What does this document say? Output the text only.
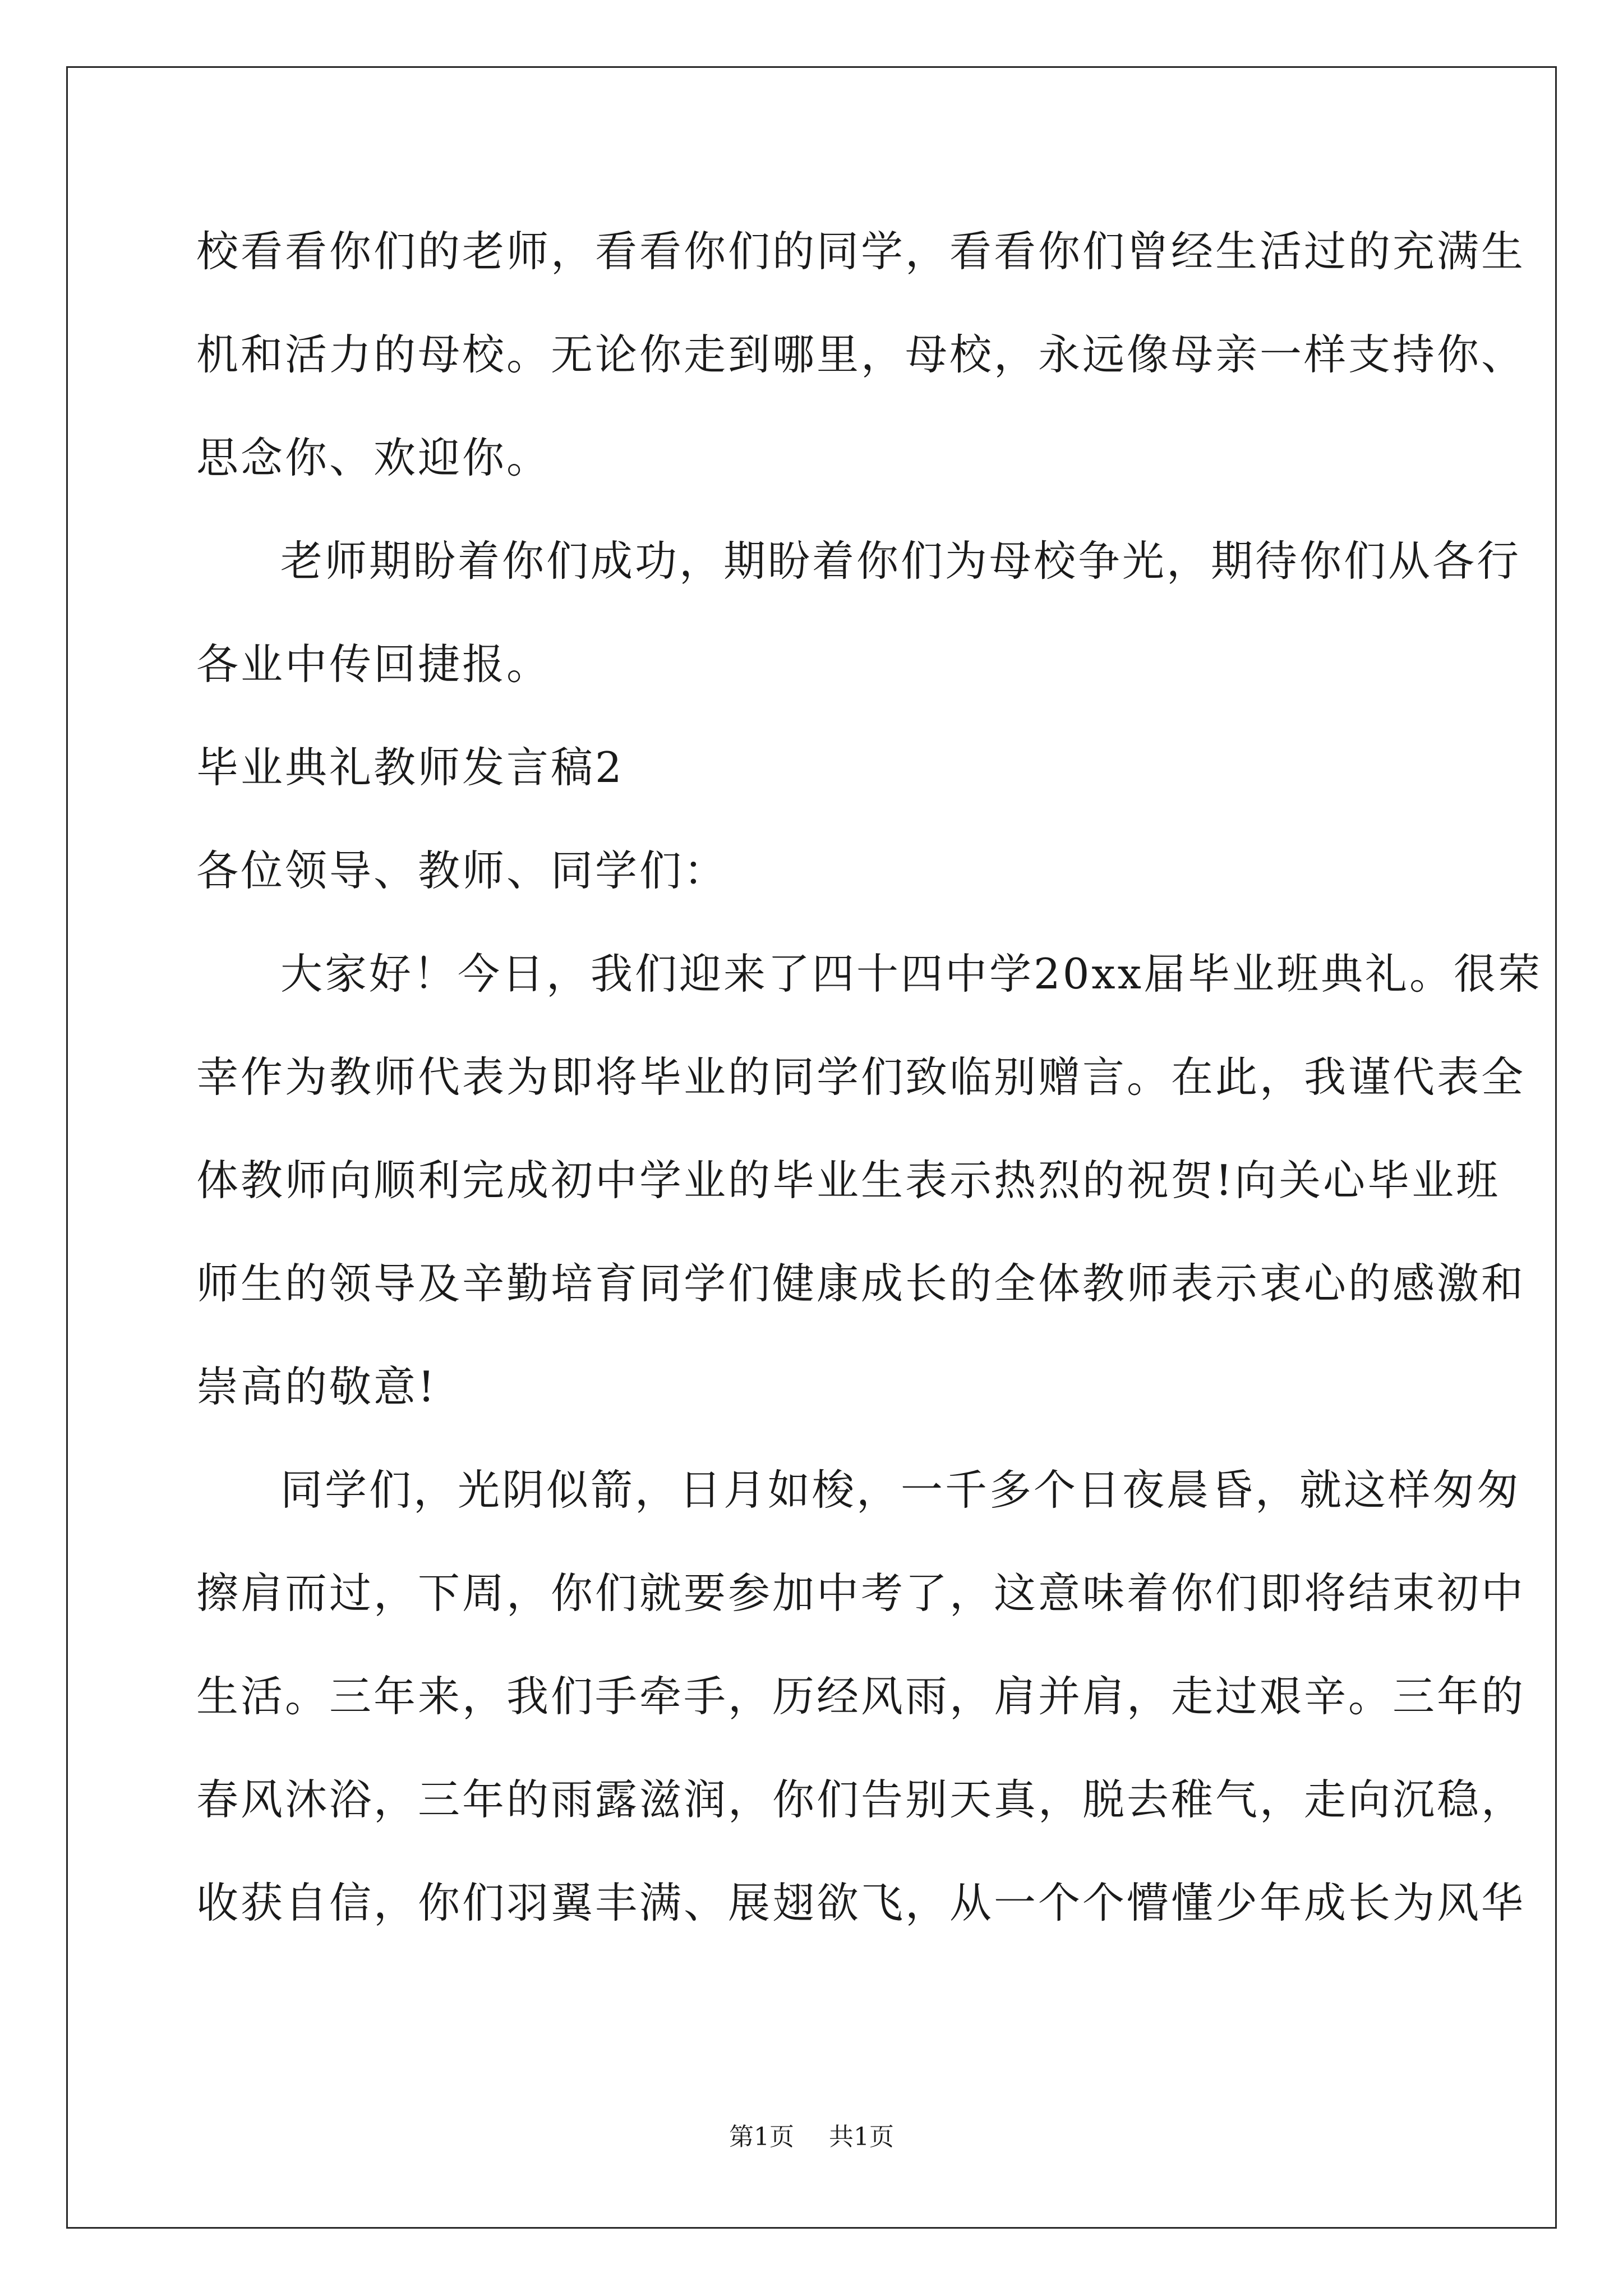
校看看你们的老师，看看你们的同学，看看你们曾经生活过的充满生
机和活力的母校。无论你走到哪里，母校，永远像母亲一样支持你、
思念你、欢迎你。
老师期盼着你们成功，期盼着你们为母校争光，期待你们从各行
各业中传回捷报。
毕业典礼教师发言稿2
各位领导、教师、同学们：
大家好！今日，我们迎来了四十四中学20xx届毕业班典礼。很荣
幸作为教师代表为即将毕业的同学们致临别赠言。在此，我谨代表全
体教师向顺利完成初中学业的毕业生表示热烈的祝贺!向关心毕业班
师生的领导及辛勤培育同学们健康成长的全体教师表示衷心的感激和
崇高的敬意!
同学们，光阴似箭，日月如梭，一千多个日夜晨昏，就这样匆匆
擦肩而过，下周，你们就要参加中考了，这意味着你们即将结束初中
生活。三年来，我们手牵手，历经风雨，肩并肩，走过艰辛。三年的
春风沐浴，三年的雨露滋润，你们告别天真，脱去稚气，走向沉稳，
收获自信，你们羽翼丰满、展翅欲飞，从一个个懵懂少年成长为风华
第1页 共1页
